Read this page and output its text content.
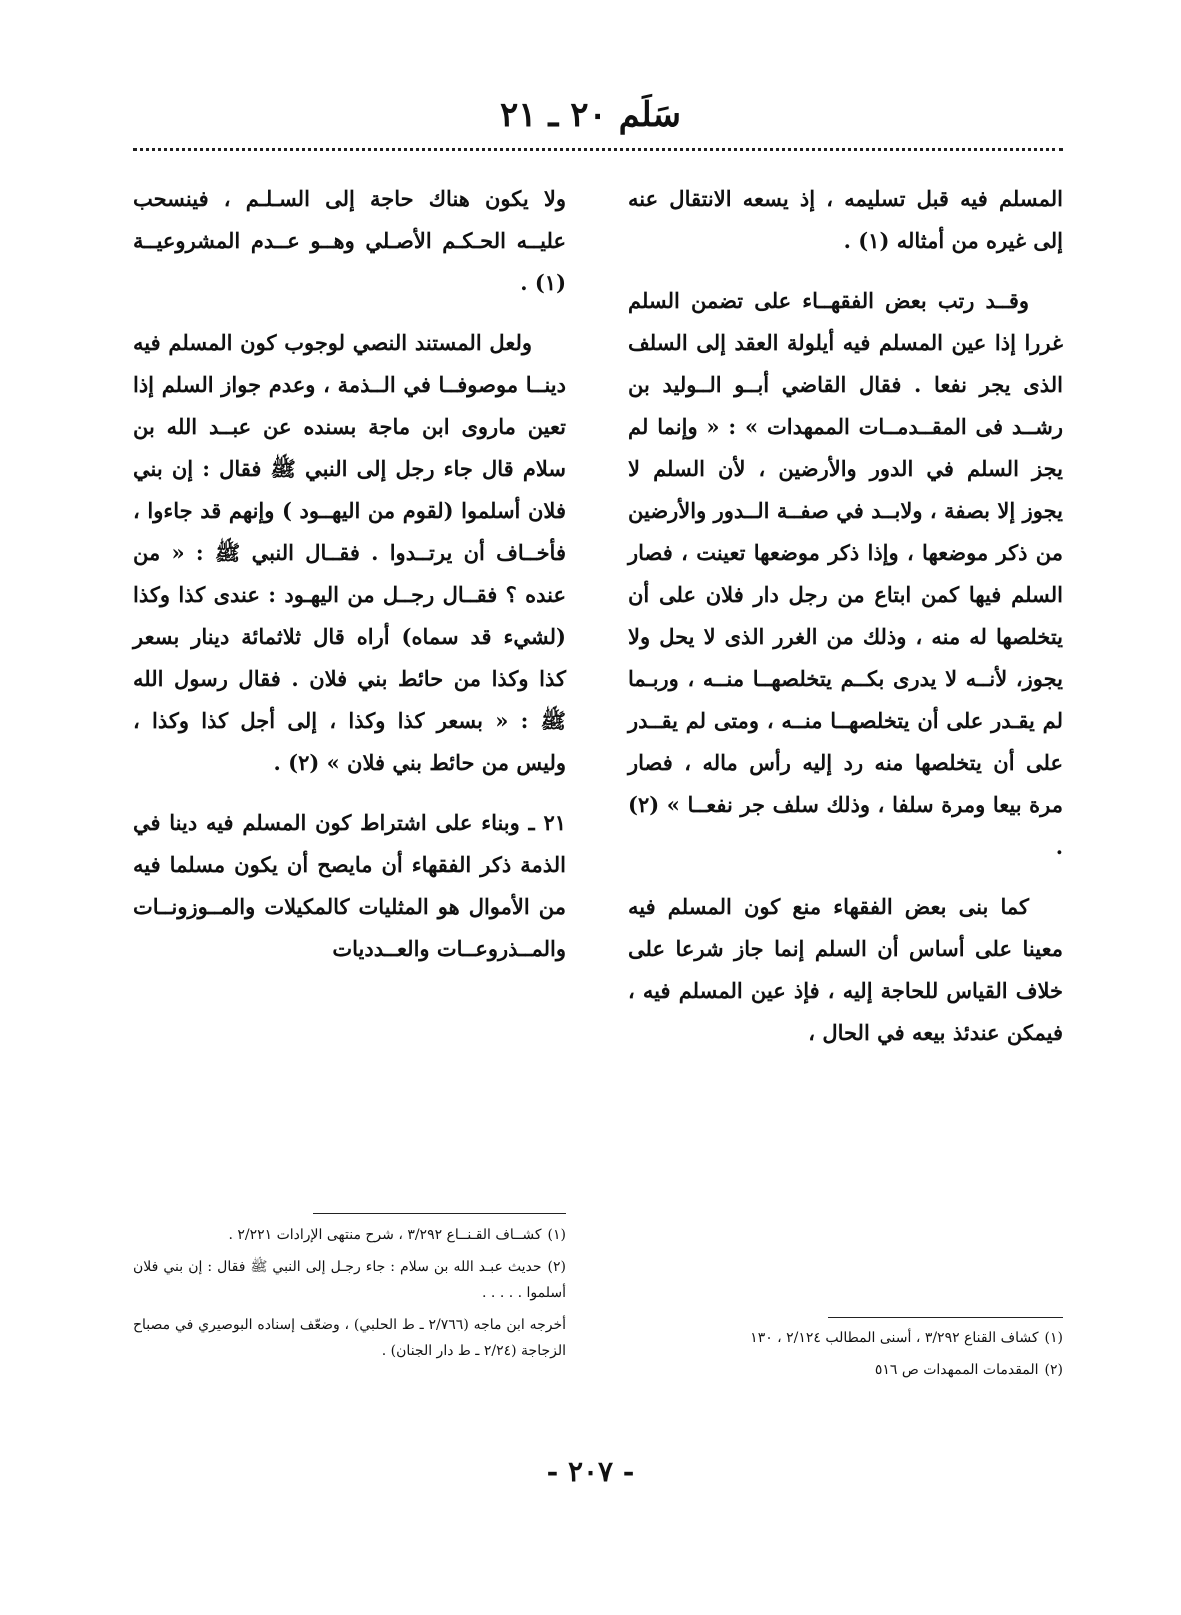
سَلَم ٢٠ ـ ٢١

المسلم فيه قبل تسليمه ، إذ يسعه الانتقال عنه إلى غيره من أمثاله (١) .

وقــد رتب بعض الفقهــاء على تضمن السلم غررا إذا عين المسلم فيه أيلولة العقد إلى السلف الذى يجر نفعا . فقال القاضي أبــو الــوليد بن رشــد فى المقــدمــات الممهدات » : « وإنما لم يجز السلم في الدور والأرضين ، لأن السلم لا يجوز إلا بصفة ، ولابــد في صفــة الــدور والأرضين من ذكر موضعها ، وإذا ذكر موضعها تعينت ، فصار السلم فيها كمن ابتاع من رجل دار فلان على أن يتخلصها له منه ، وذلك من الغرر الذى لا يحل ولا يجوز، لأنــه لا يدرى بكــم يتخلصهــا منــه ، وربـما لم يقـدر على أن يتخلصهــا منــه ، ومتى لم يقــدر على أن يتخلصها منه رد إليه رأس ماله ، فصار مرة بيعا ومرة سلفا ، وذلك سلف جر نفعــا » (٢) .

كما بنى بعض الفقهاء منع كون المسلم فيه معينا على أساس أن السلم إنما جاز شرعا على خلاف القياس للحاجة إليه ، فإذ عين المسلم فيه ، فيمكن عندئذ بيعه في الحال ،

ولا يكون هناك حاجة إلى السـلـم ، فينسحب عليــه الحـكـم الأصـلي وهــو عــدم المشروعيــة (١) .

ولعل المستند النصي لوجوب كون المسلم فيه دينــا موصوفــا في الــذمة ، وعدم جواز السلم إذا تعين ماروى ابن ماجة بسنده عن عبــد الله بن سلام قال جاء رجل إلى النبي ﷺ فقال : إن بني فلان أسلموا (لقوم من اليهــود ) وإنهم قد جاءوا ، فأخــاف أن يرتــدوا . فقــال النبي ﷺ : « من عنده ؟ فقــال رجــل من اليهـود : عندى كذا وكذا (لشيء قد سماه) أراه قال ثلاثمائة دينار بسعر كذا وكذا من حائط بني فلان . فقال رسول الله ﷺ : « بسعر كذا وكذا ، إلى أجل كذا وكذا ، وليس من حائط بني فلان » (٢) .

٢١ ـ وبناء على اشتراط كون المسلم فيه دينا في الذمة ذكر الفقهاء أن مايصح أن يكون مسلما فيه من الأموال هو المثليات كالمكيلات والمــوزونــات والمــذروعــات والعــدديات

(١)كشــاف القـنــاع ٣/٢٩٢ ، شرح منتهى الإرادات ٢/٢٢١ .
(٢)حديث عبـد الله بن سلام : جاء رجـل إلى النبي ﷺ فقال : إن بني فلان أسلموا . . . . .
أخرجه ابن ماجه (٢/٧٦٦ ـ ط الحلبي) ، وضعّف إسناده البوصيري في مصباح الزجاجة (٢/٢٤ ـ ط دار الجنان) .
(١)كشاف القناع ٣/٢٩٢ ، أسنى المطالب ٢/١٢٤ ، ١٣٠
(٢)المقدمات الممهدات ص ٥١٦
- ٢٠٧ -
